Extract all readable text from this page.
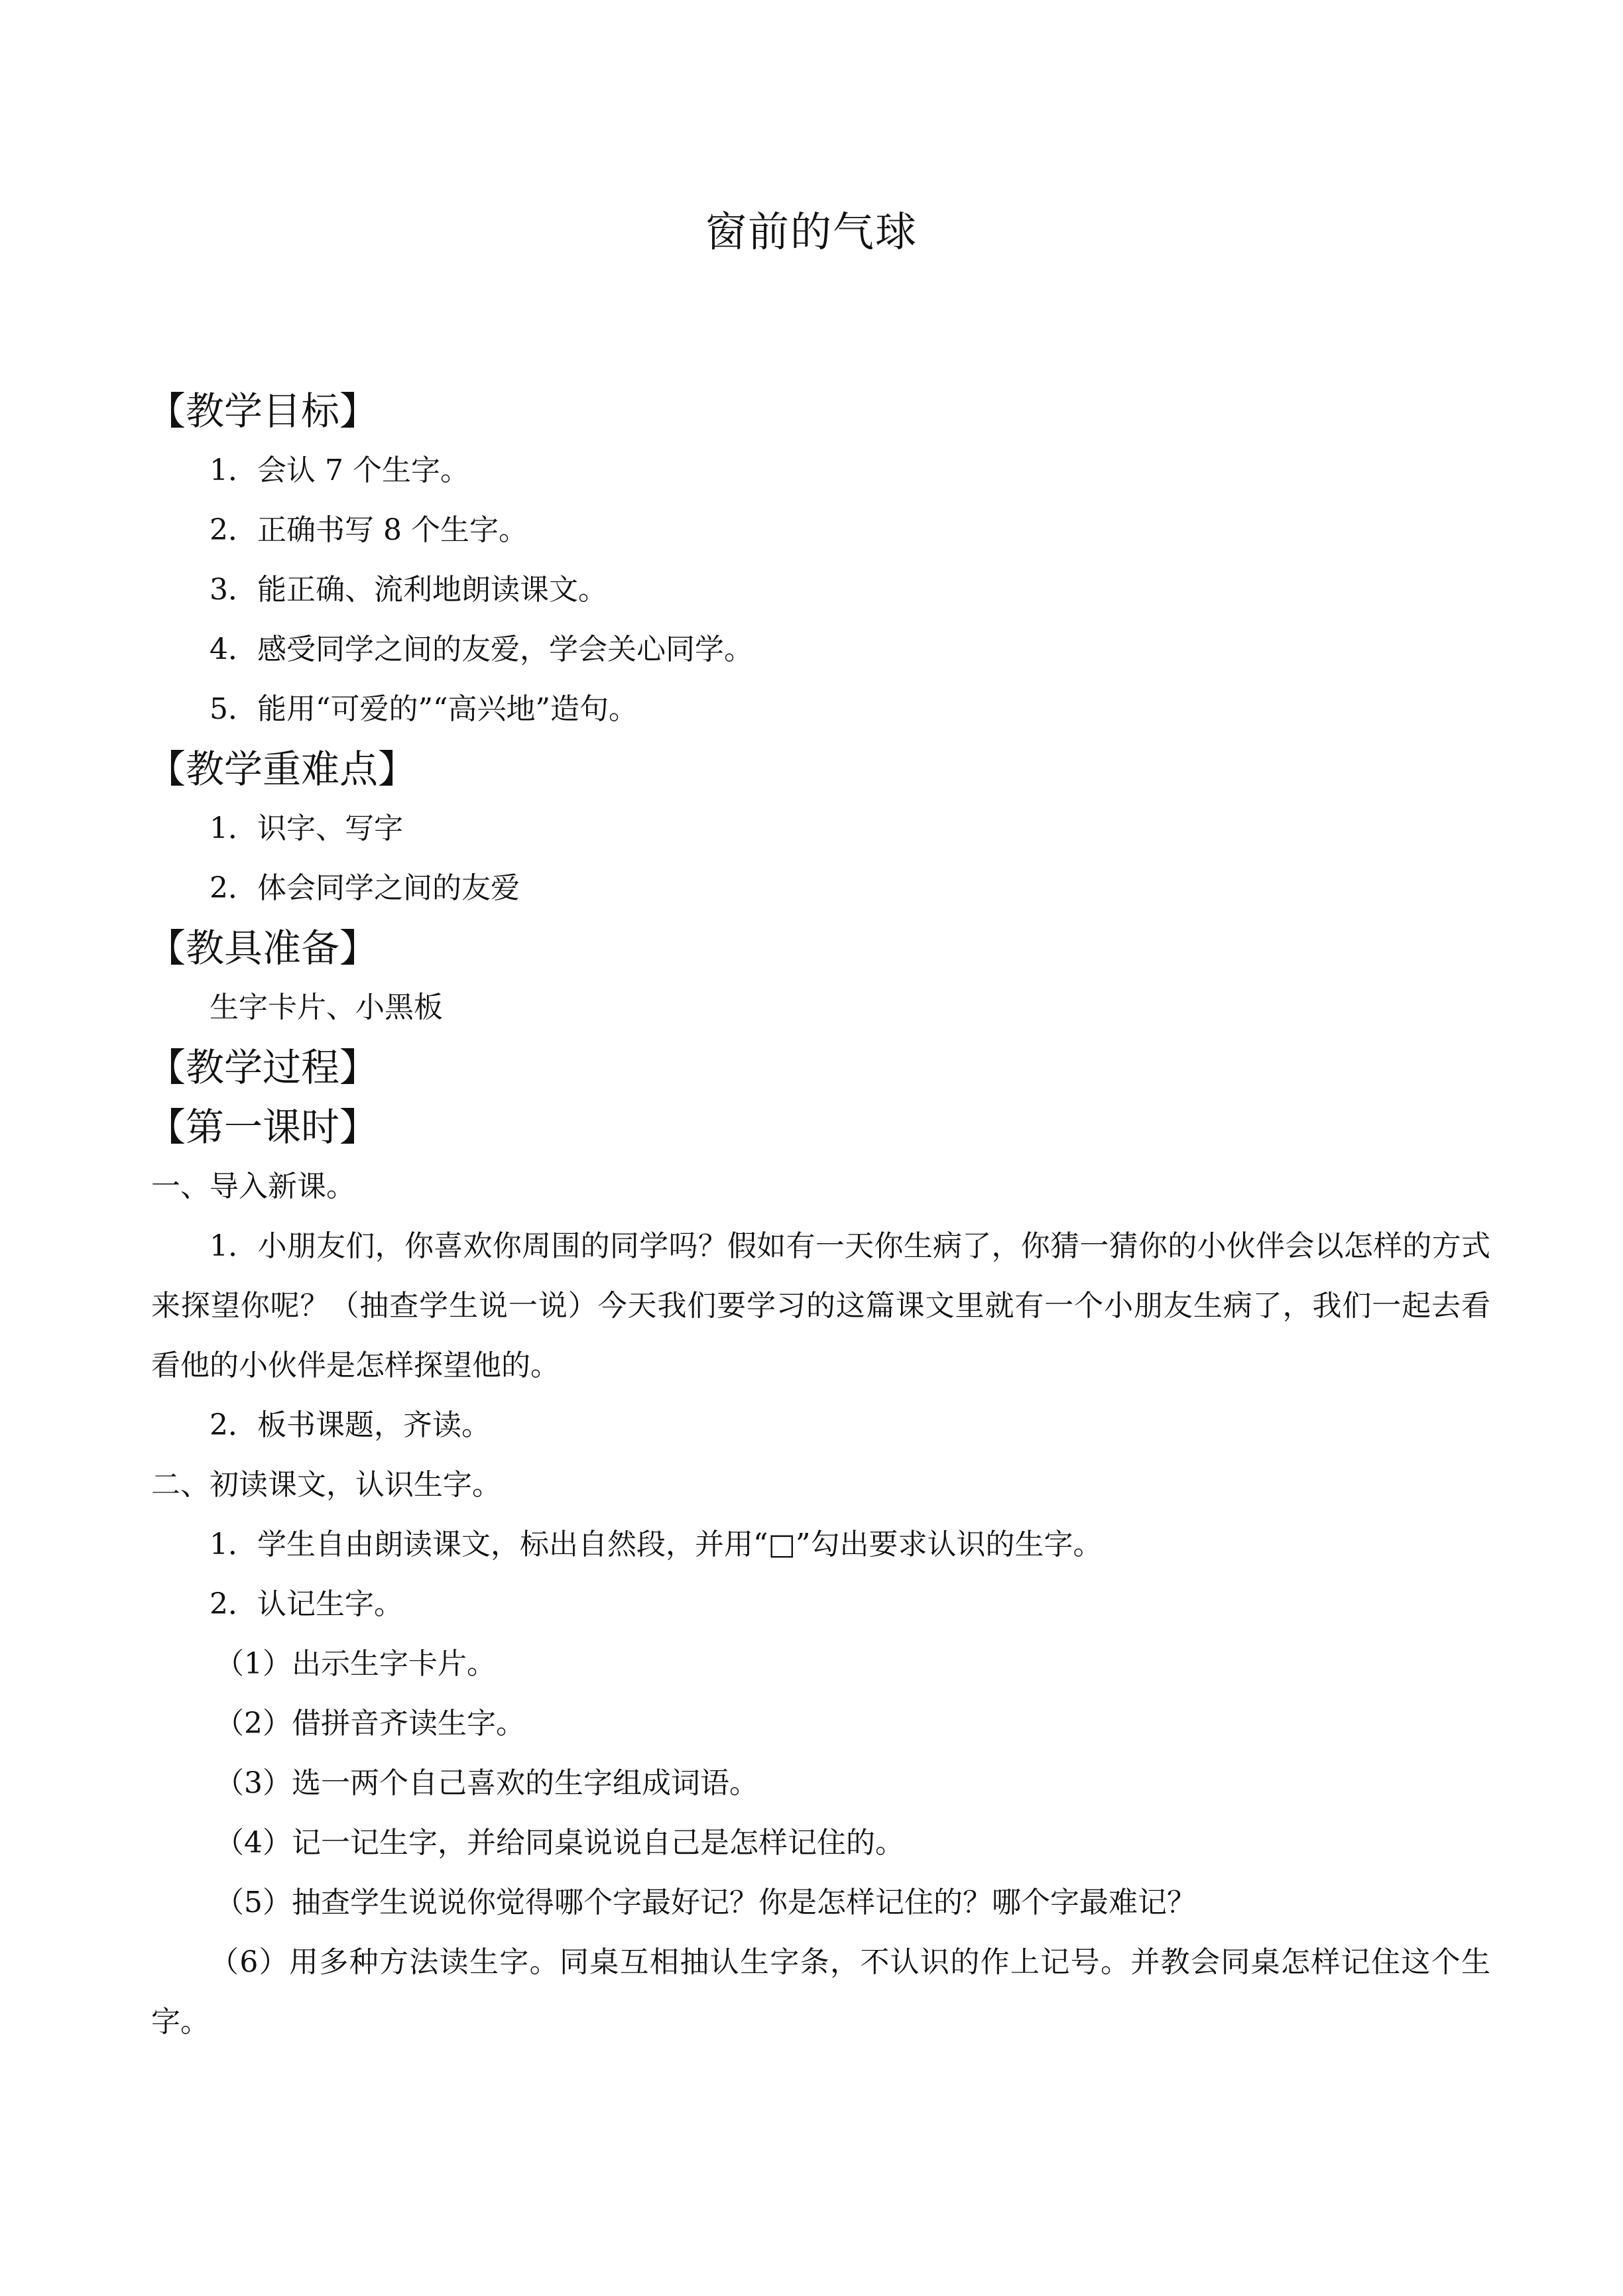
窗前的气球
【教学目标】
1．会认 7 个生字。
2．正确书写 8 个生字。
3．能正确、流利地朗读课文。
4．感受同学之间的友爱，学会关心同学。
5．能用“可爱的”“高兴地”造句。
【教学重难点】
1．识字、写字
2．体会同学之间的友爱
【教具准备】
生字卡片、小黑板
【教学过程】
【第一课时】
一、导入新课。
1．小朋友们，你喜欢你周围的同学吗？假如有一天你生病了，你猜一猜你的小伙伴会以怎样的方式来探望你呢？（抽查学生说一说）今天我们要学习的这篇课文里就有一个小朋友生病了，我们一起去看看他的小伙伴是怎样探望他的。
2．板书课题，齐读。
二、初读课文，认识生字。
1．学生自由朗读课文，标出自然段，并用“□”勾出要求认识的生字。
2．认记生字。
（1）出示生字卡片。
（2）借拼音齐读生字。
（3）选一两个自己喜欢的生字组成词语。
（4）记一记生字，并给同桌说说自己是怎样记住的。
（5）抽查学生说说你觉得哪个字最好记？你是怎样记住的？哪个字最难记？
（6）用多种方法读生字。同桌互相抽认生字条，不认识的作上记号。并教会同桌怎样记住这个生字。
